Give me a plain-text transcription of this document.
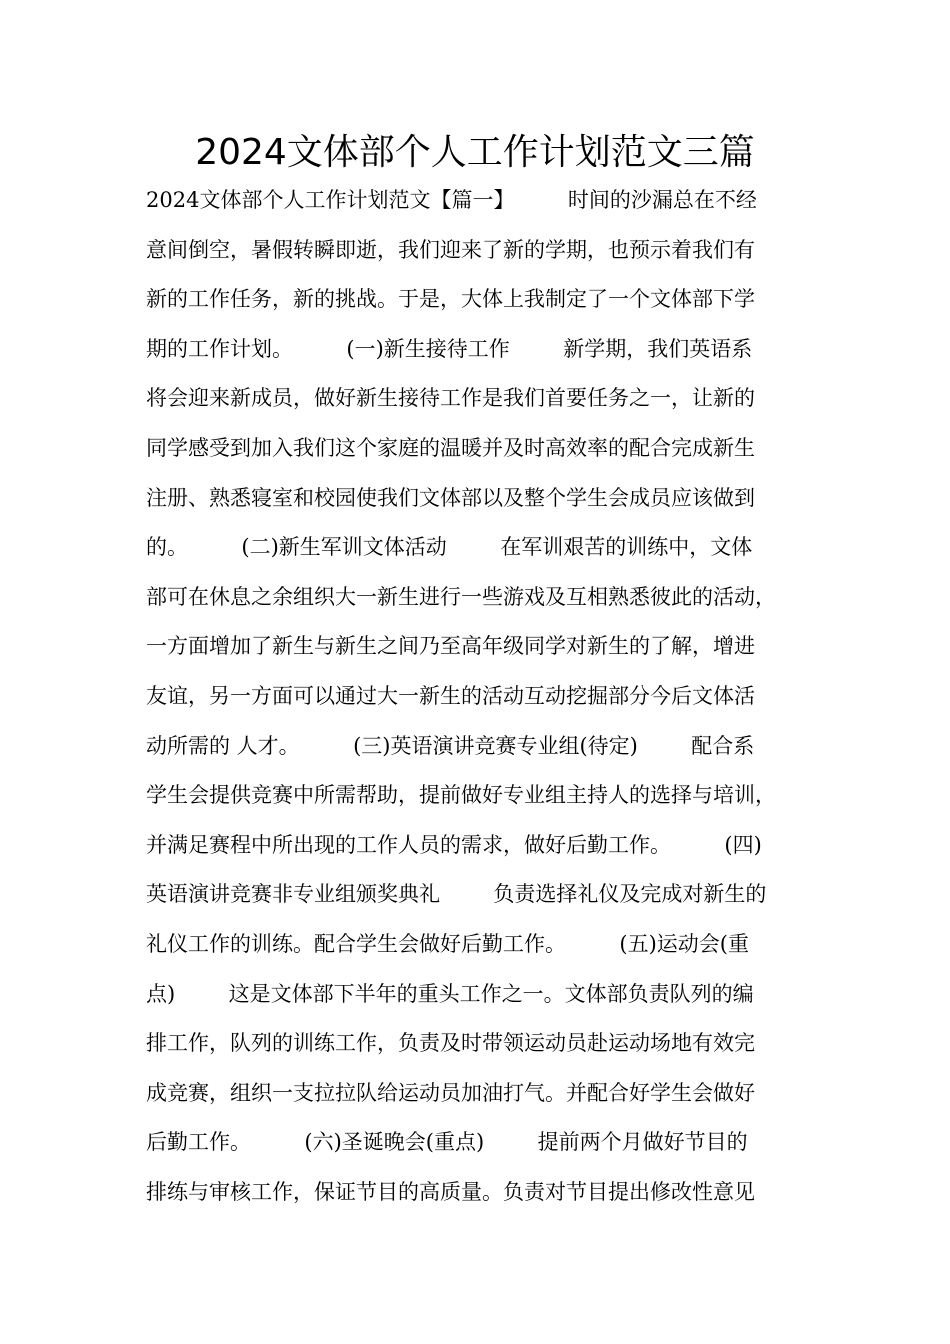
2024文体部个人工作计划范文三篇
2024文体部个人工作计划范文【篇一】        时间的沙漏总在不经
意间倒空，暑假转瞬即逝，我们迎来了新的学期，也预示着我们有
新的工作任务，新的挑战。于是，大体上我制定了一个文体部下学
期的工作计划。        (一)新生接待工作        新学期，我们英语系
将会迎来新成员，做好新生接待工作是我们首要任务之一，让新的
同学感受到加入我们这个家庭的温暖并及时高效率的配合完成新生
注册、熟悉寝室和校园使我们文体部以及整个学生会成员应该做到
的。        (二)新生军训文体活动        在军训艰苦的训练中，文体
部可在休息之余组织大一新生进行一些游戏及互相熟悉彼此的活动，
一方面增加了新生与新生之间乃至高年级同学对新生的了解，增进
友谊，另一方面可以通过大一新生的活动互动挖掘部分今后文体活
动所需的 人才。        (三)英语演讲竞赛专业组(待定)        配合系
学生会提供竞赛中所需帮助，提前做好专业组主持人的选择与培训，
并满足赛程中所出现的工作人员的需求，做好后勤工作。        (四)
英语演讲竞赛非专业组颁奖典礼        负责选择礼仪及完成对新生的
礼仪工作的训练。配合学生会做好后勤工作。        (五)运动会(重
点)        这是文体部下半年的重头工作之一。文体部负责队列的编
排工作，队列的训练工作，负责及时带领运动员赴运动场地有效完
成竞赛，组织一支拉拉队给运动员加油打气。并配合好学生会做好
后勤工作。        (六)圣诞晚会(重点)        提前两个月做好节目的
排练与审核工作，保证节目的高质量。负责对节目提出修改性意见
